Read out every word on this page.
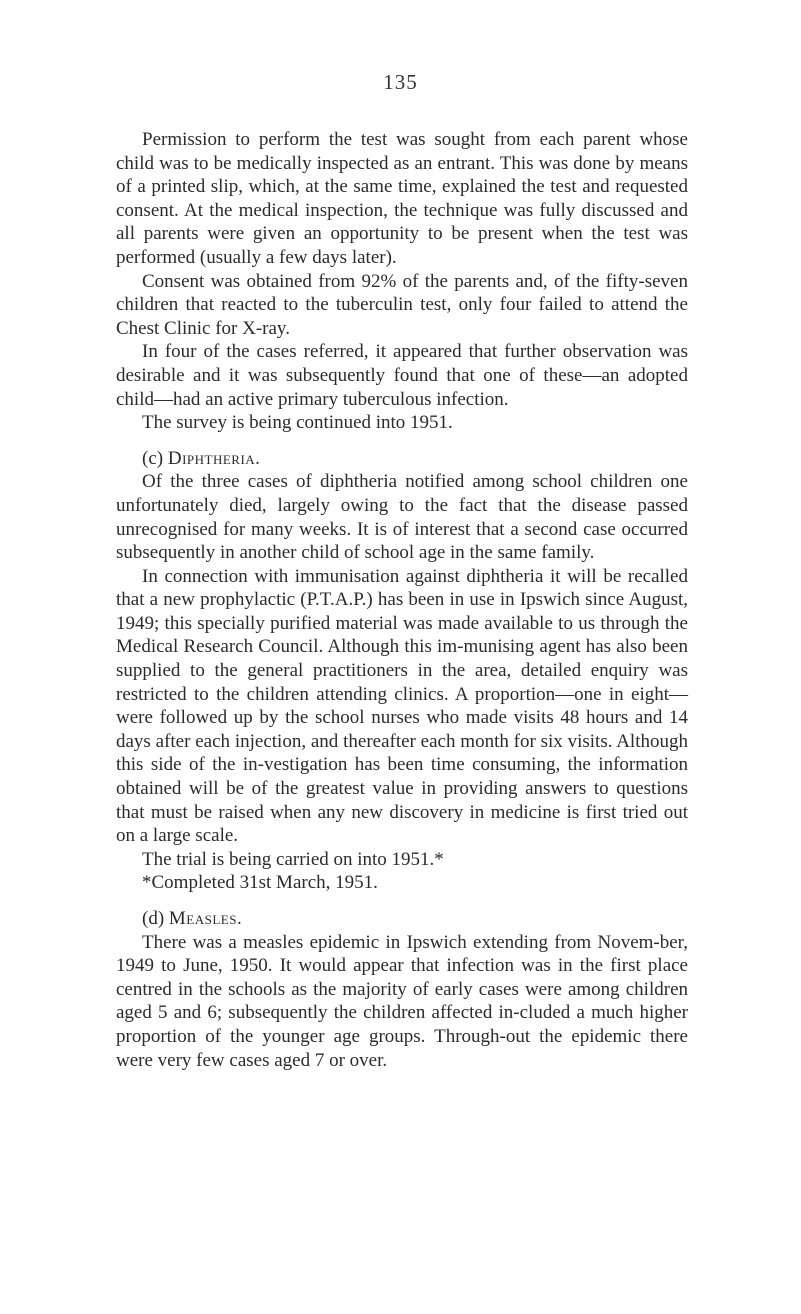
135

Permission to perform the test was sought from each parent whose child was to be medically inspected as an entrant. This was done by means of a printed slip, which, at the same time, explained the test and requested consent. At the medical inspection, the technique was fully discussed and all parents were given an opportunity to be present when the test was performed (usually a few days later).

Consent was obtained from 92% of the parents and, of the fifty-seven children that reacted to the tuberculin test, only four failed to attend the Chest Clinic for X-ray.

In four of the cases referred, it appeared that further observation was desirable and it was subsequently found that one of these—an adopted child—had an active primary tuberculous infection.

The survey is being continued into 1951.

(c) Diphtheria.

Of the three cases of diphtheria notified among school children one unfortunately died, largely owing to the fact that the disease passed unrecognised for many weeks. It is of interest that a second case occurred subsequently in another child of school age in the same family.

In connection with immunisation against diphtheria it will be recalled that a new prophylactic (P.T.A.P.) has been in use in Ipswich since August, 1949; this specially purified material was made available to us through the Medical Research Council. Although this im-munising agent has also been supplied to the general practitioners in the area, detailed enquiry was restricted to the children attending clinics. A proportion—one in eight—were followed up by the school nurses who made visits 48 hours and 14 days after each injection, and thereafter each month for six visits. Although this side of the in-vestigation has been time consuming, the information obtained will be of the greatest value in providing answers to questions that must be raised when any new discovery in medicine is first tried out on a large scale.

The trial is being carried on into 1951.*

*Completed 31st March, 1951.

(d) Measles.

There was a measles epidemic in Ipswich extending from Novem-ber, 1949 to June, 1950. It would appear that infection was in the first place centred in the schools as the majority of early cases were among children aged 5 and 6; subsequently the children affected in-cluded a much higher proportion of the younger age groups. Through-out the epidemic there were very few cases aged 7 or over.
